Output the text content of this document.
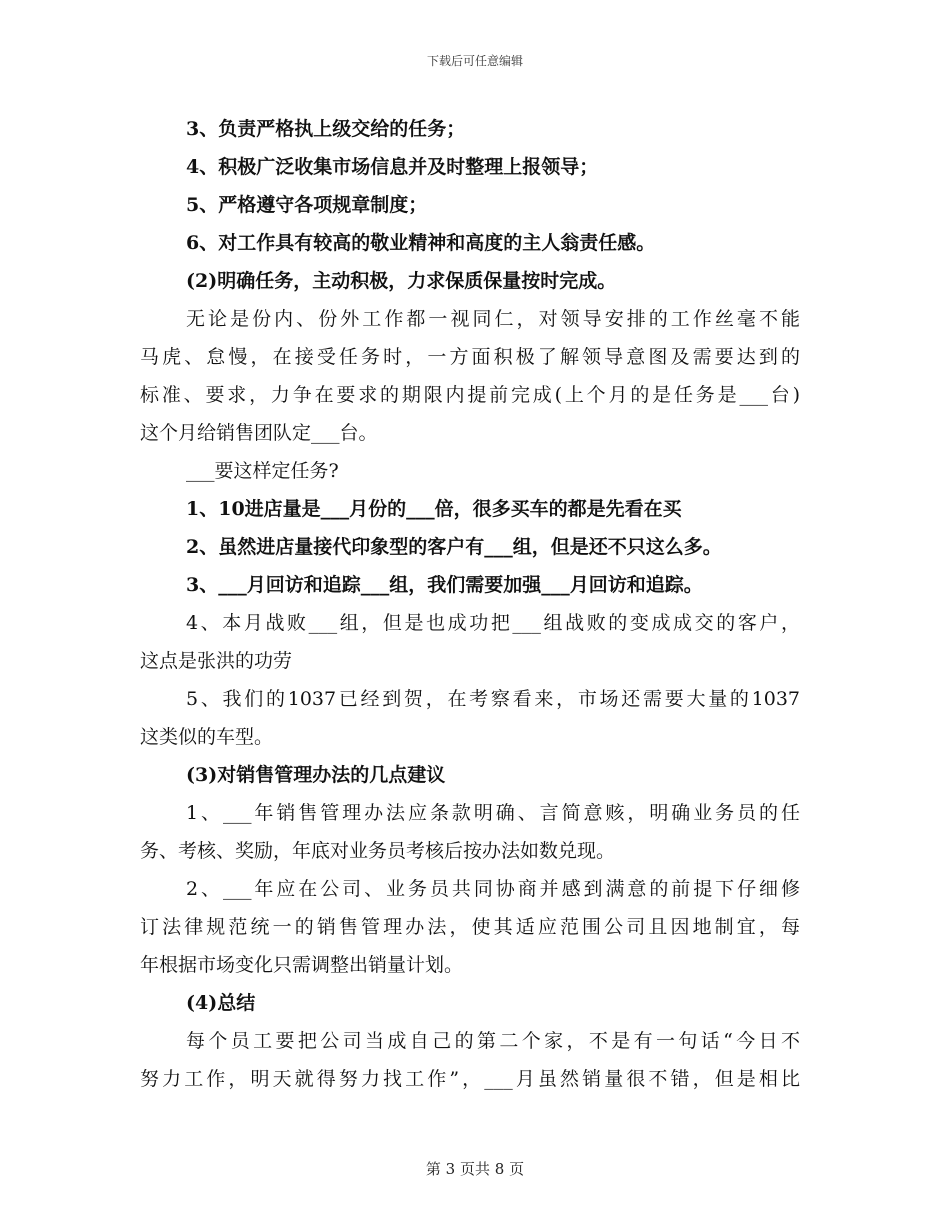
下载后可任意编辑
3、负责严格执上级交给的任务；
4、积极广泛收集市场信息并及时整理上报领导；
5、严格遵守各项规章制度；
6、对工作具有较高的敬业精神和高度的主人翁责任感。
(2)明确任务，主动积极，力求保质保量按时完成。
无论是份内、份外工作都一视同仁，对领导安排的工作丝毫不能
马虎、怠慢，在接受任务时，一方面积极了解领导意图及需要达到的
标准、要求，力争在要求的期限内提前完成(上个月的是任务是___台)
这个月给销售团队定___台。
___要这样定任务?
1、10进店量是___月份的___倍，很多买车的都是先看在买
2、虽然进店量接代印象型的客户有___组，但是还不只这么多。
3、___月回访和追踪___组，我们需要加强___月回访和追踪。
4、本月战败___组，但是也成功把___组战败的变成成交的客户，
这点是张洪的功劳
5、我们的1037已经到贺，在考察看来，市场还需要大量的1037
这类似的车型。
(3)对销售管理办法的几点建议
1、___年销售管理办法应条款明确、言简意赅，明确业务员的任
务、考核、奖励，年底对业务员考核后按办法如数兑现。
2、___年应在公司、业务员共同协商并感到满意的前提下仔细修
订法律规范统一的销售管理办法，使其适应范围公司且因地制宜，每
年根据市场变化只需调整出销量计划。
(4)总结
每个员工要把公司当成自己的第二个家，不是有一句话“今日不
努力工作，明天就得努力找工作”，___月虽然销量很不错，但是相比
第 3 页共 8 页
